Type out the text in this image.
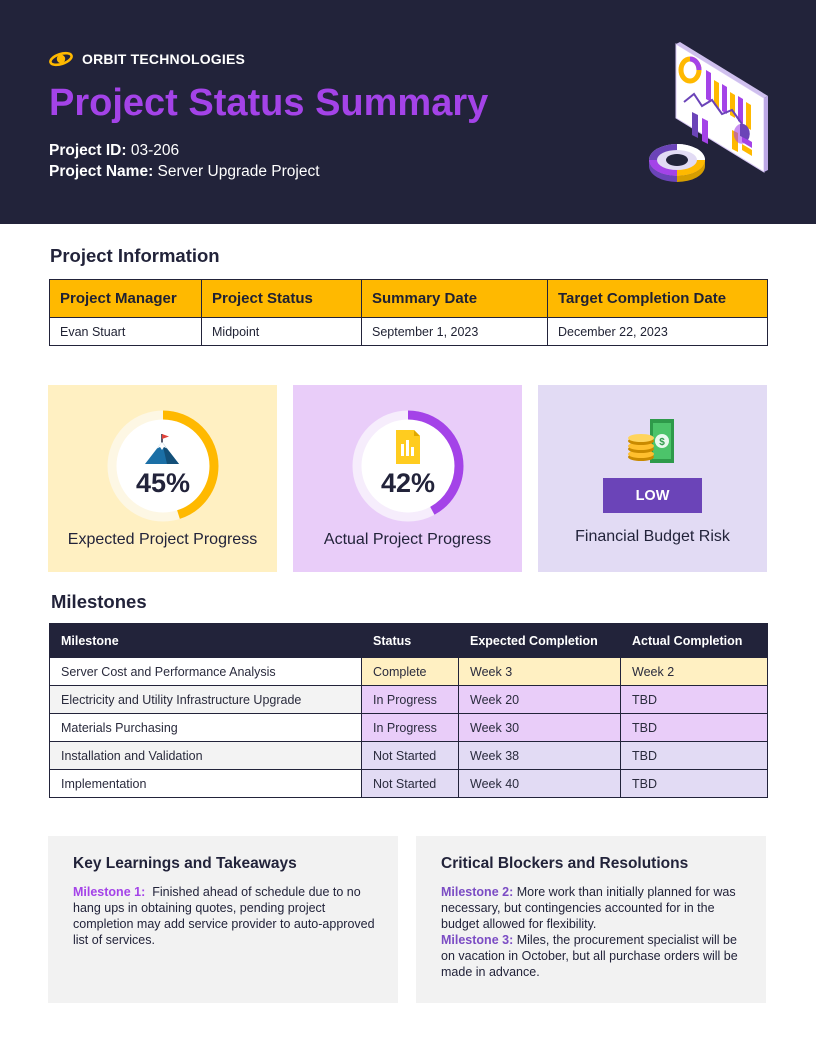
ORBIT TECHNOLOGIES
Project Status Summary
Project ID: 03-206
Project Name: Server Upgrade Project
Project Information
Project Manager	Project Status	Summary Date	Target Completion Date
Evan Stuart	Midpoint	September 1, 2023	December 22, 2023
45%
Expected Project Progress
42%
Actual Project Progress
$
LOW
Financial Budget Risk
Milestones
Milestone	Status	Expected Completion	Actual Completion
Server Cost and Performance Analysis	Complete	Week 3	Week 2
Electricity and Utility Infrastructure Upgrade	In Progress	Week 20	TBD
Materials Purchasing	In Progress	Week 30	TBD
Installation and Validation	Not Started	Week 38	TBD
Implementation	Not Started	Week 40	TBD
Key Learnings and Takeaways

Milestone 1: Finished ahead of schedule due to no hang ups in obtaining quotes, pending project completion may add service provider to auto-approved list of services.

Critical Blockers and Resolutions

Milestone 2: More work than initially planned for was necessary, but contingencies accounted for in the budget allowed for flexibility.

Milestone 3: Miles, the procurement specialist will be on vacation in October, but all purchase orders will be made in advance.
